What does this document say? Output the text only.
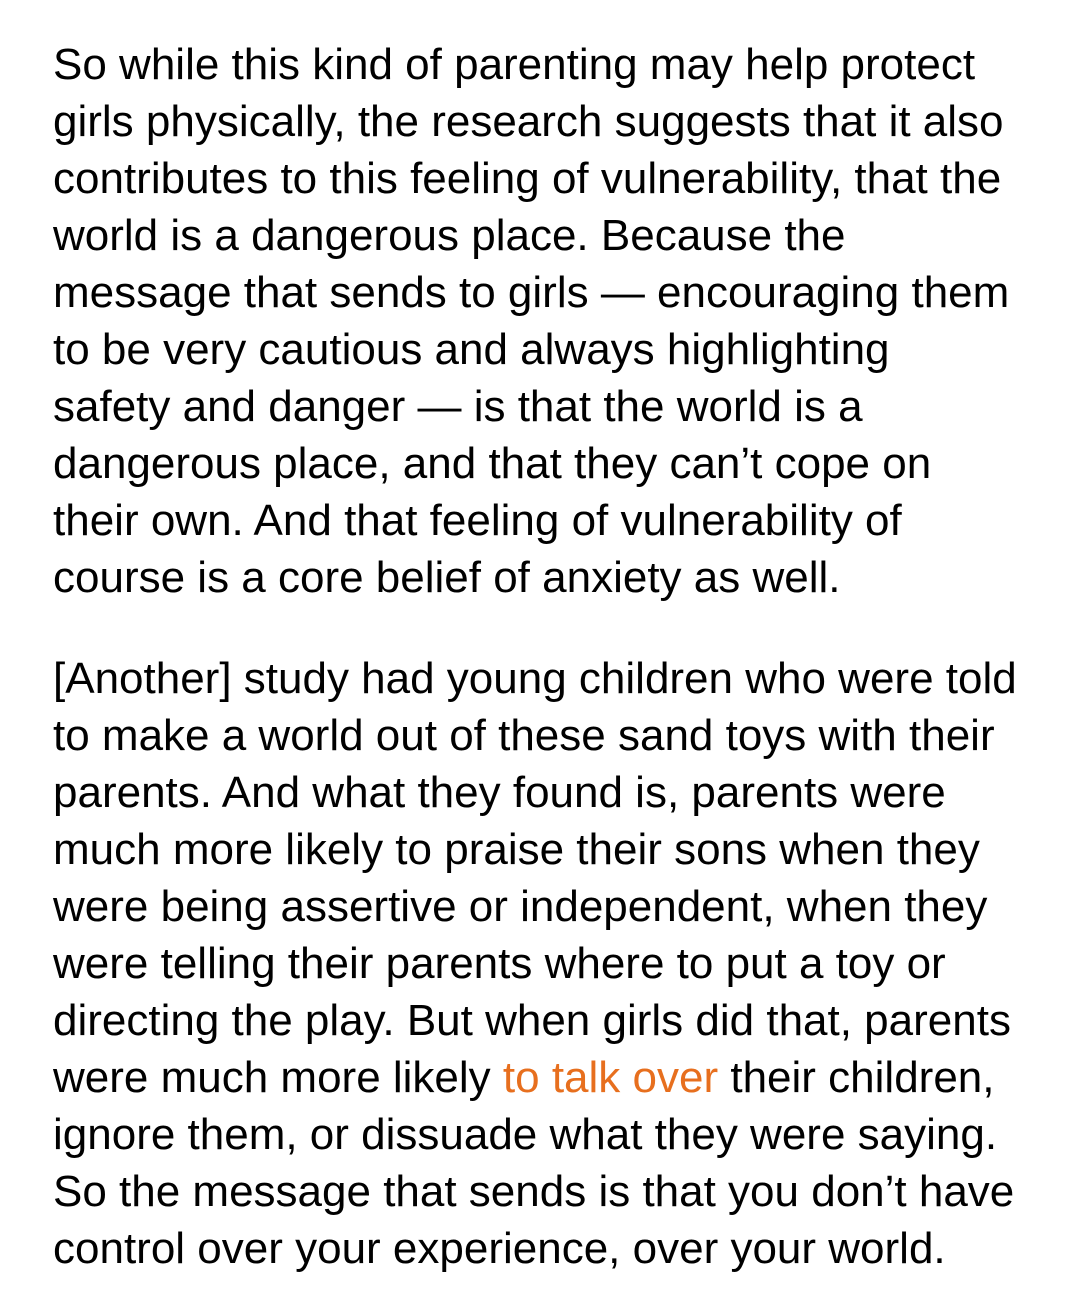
So while this kind of parenting may help protect girls physically, the research suggests that it also contributes to this feeling of vulnerability, that the world is a dangerous place. Because the message that sends to girls — encouraging them to be very cautious and always highlighting safety and danger — is that the world is a dangerous place, and that they can’t cope on their own. And that feeling of vulnerability of course is a core belief of anxiety as well.

[Another] study had young children who were told to make a world out of these sand toys with their parents. And what they found is, parents were much more likely to praise their sons when they were being assertive or independent, when they were telling their parents where to put a toy or directing the play. But when girls did that, parents were much more likely to talk over their children, ignore them, or dissuade what they were saying. So the message that sends is that you don’t have control over your experience, over your world.
